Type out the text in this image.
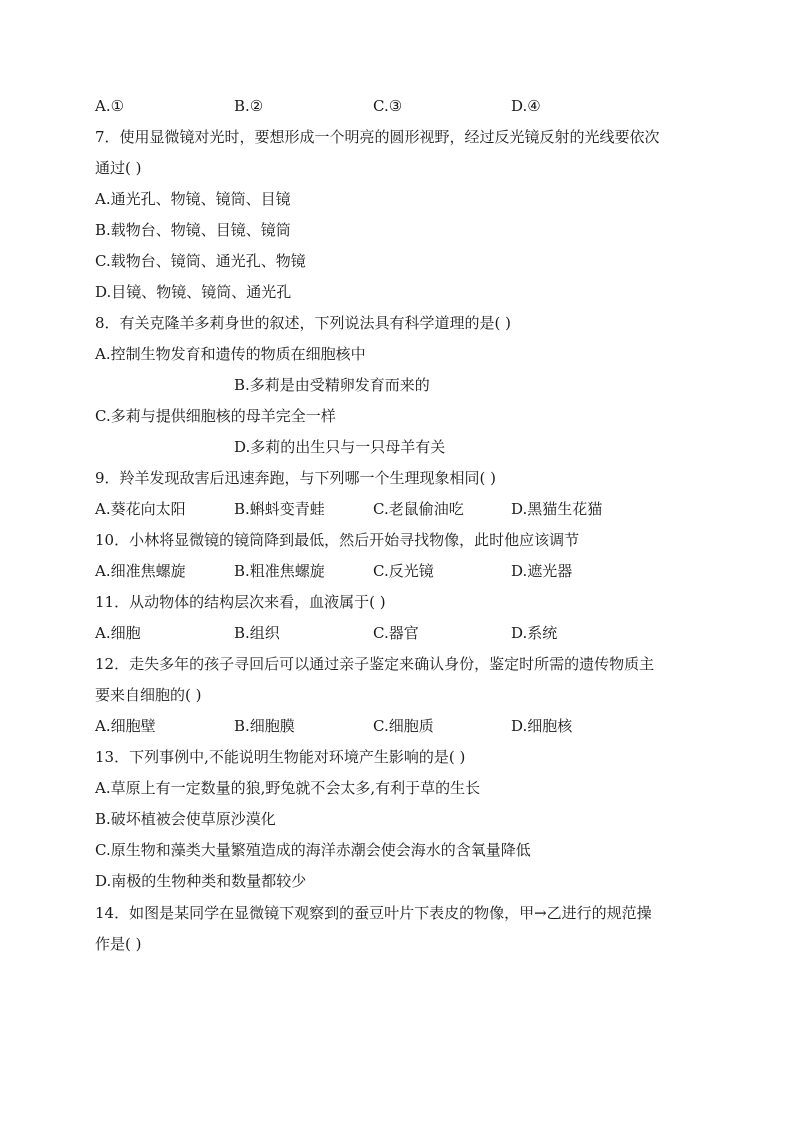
A.①	B.②	C.③	D.④
7．使用显微镜对光时，要想形成一个明亮的圆形视野，经过反光镜反射的光线要依次
通过( )
A.通光孔、物镜、镜筒、目镜
B.载物台、物镜、目镜、镜筒
C.载物台、镜筒、通光孔、物镜
D.目镜、物镜、镜筒、通光孔
8．有关克隆羊多莉身世的叙述，下列说法具有科学道理的是( )
A.控制生物发育和遗传的物质在细胞核中
B.多莉是由受精卵发育而来的
C.多莉与提供细胞核的母羊完全一样
D.多莉的出生只与一只母羊有关
9．羚羊发现敌害后迅速奔跑，与下列哪一个生理现象相同( )
A.葵花向太阳	B.蝌蚪变青蛙	C.老鼠偷油吃	D.黑猫生花猫
10．小林将显微镜的镜筒降到最低，然后开始寻找物像，此时他应该调节
A.细准焦螺旋	B.粗准焦螺旋	C.反光镜	D.遮光器
11．从动物体的结构层次来看，血液属于( )
A.细胞	B.组织	C.器官	D.系统
12．走失多年的孩子寻回后可以通过亲子鉴定来确认身份，鉴定时所需的遗传物质主
要来自细胞的( )
A.细胞壁	B.细胞膜	C.细胞质	D.细胞核
13．下列事例中,不能说明生物能对环境产生影响的是( )
A.草原上有一定数量的狼,野兔就不会太多,有利于草的生长
B.破坏植被会使草原沙漠化
C.原生物和藻类大量繁殖造成的海洋赤潮会使会海水的含氧量降低
D.南极的生物种类和数量都较少
14．如图是某同学在显微镜下观察到的蚕豆叶片下表皮的物像，甲→乙进行的规范操
作是( )
